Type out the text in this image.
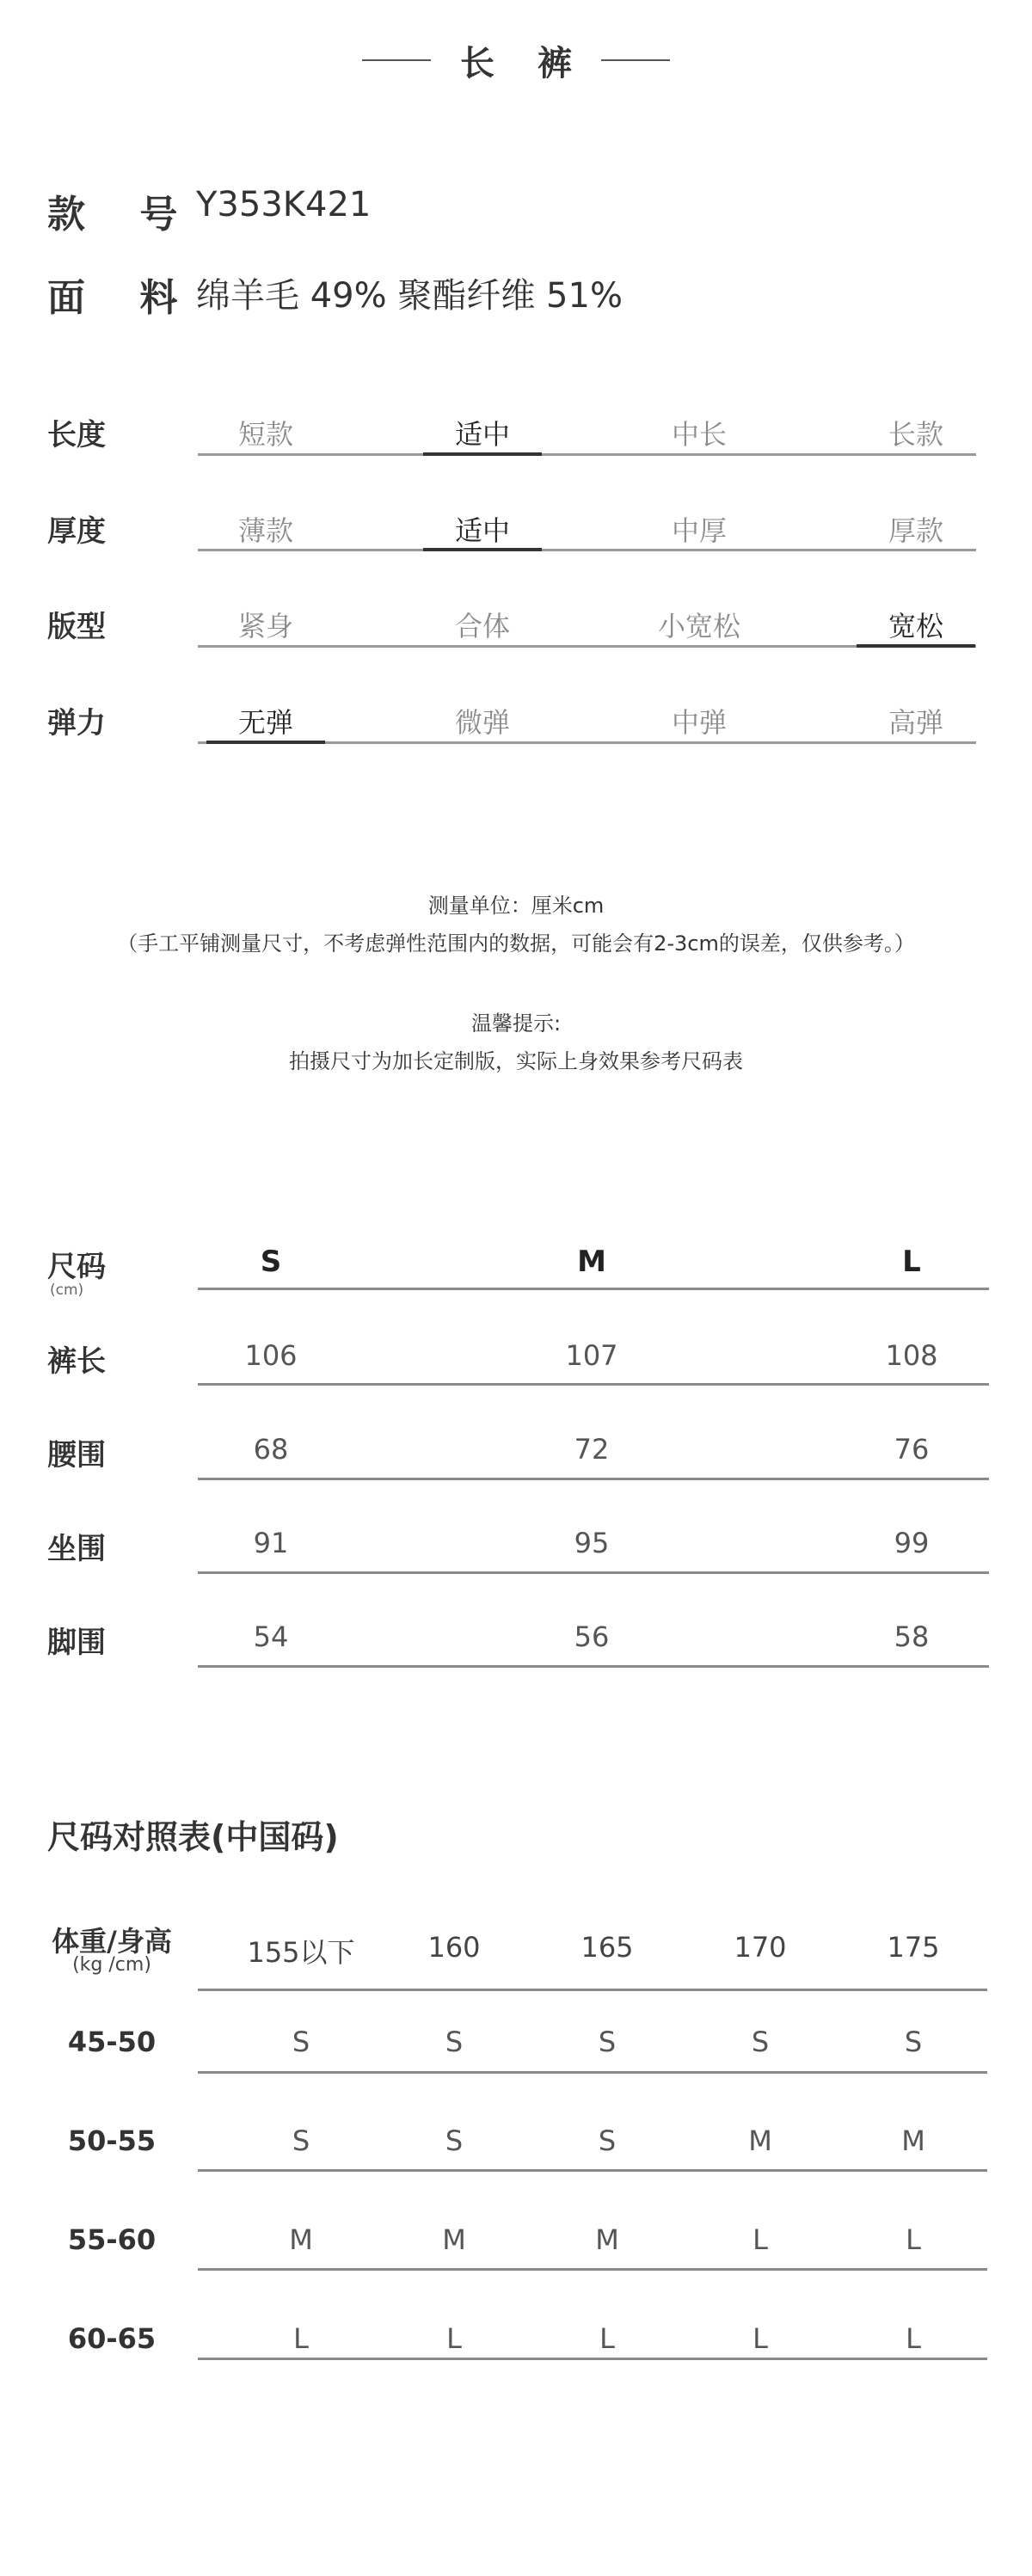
长 裤
款 号
Y353K421
面 料
绵羊毛 49% 聚酯纤维 51%
长度	短款	适中	中长	长款
厚度	薄款	适中	中厚	厚款
版型	紧身	合体	小宽松	宽松
弹力	无弹	微弹	中弹	高弹
测量单位：厘米cm
（手工平铺测量尺寸，不考虑弹性范围内的数据，可能会有2-3cm的误差，仅供参考。）
温馨提示:
拍摄尺寸为加长定制版，实际上身效果参考尺码表
尺码
(cm)
S	M	L
裤长	106	107	108
腰围	68	72	76
坐围	91	95	99
脚围	54	56	58
尺码对照表(中国码)
体重/身高
(kg /cm)	155以下	160	165	170	175
45-50	S	S	S	S	S
50-55	S	S	S	M	M
55-60	M	M	M	L	L
60-65	L	L	L	L	L
